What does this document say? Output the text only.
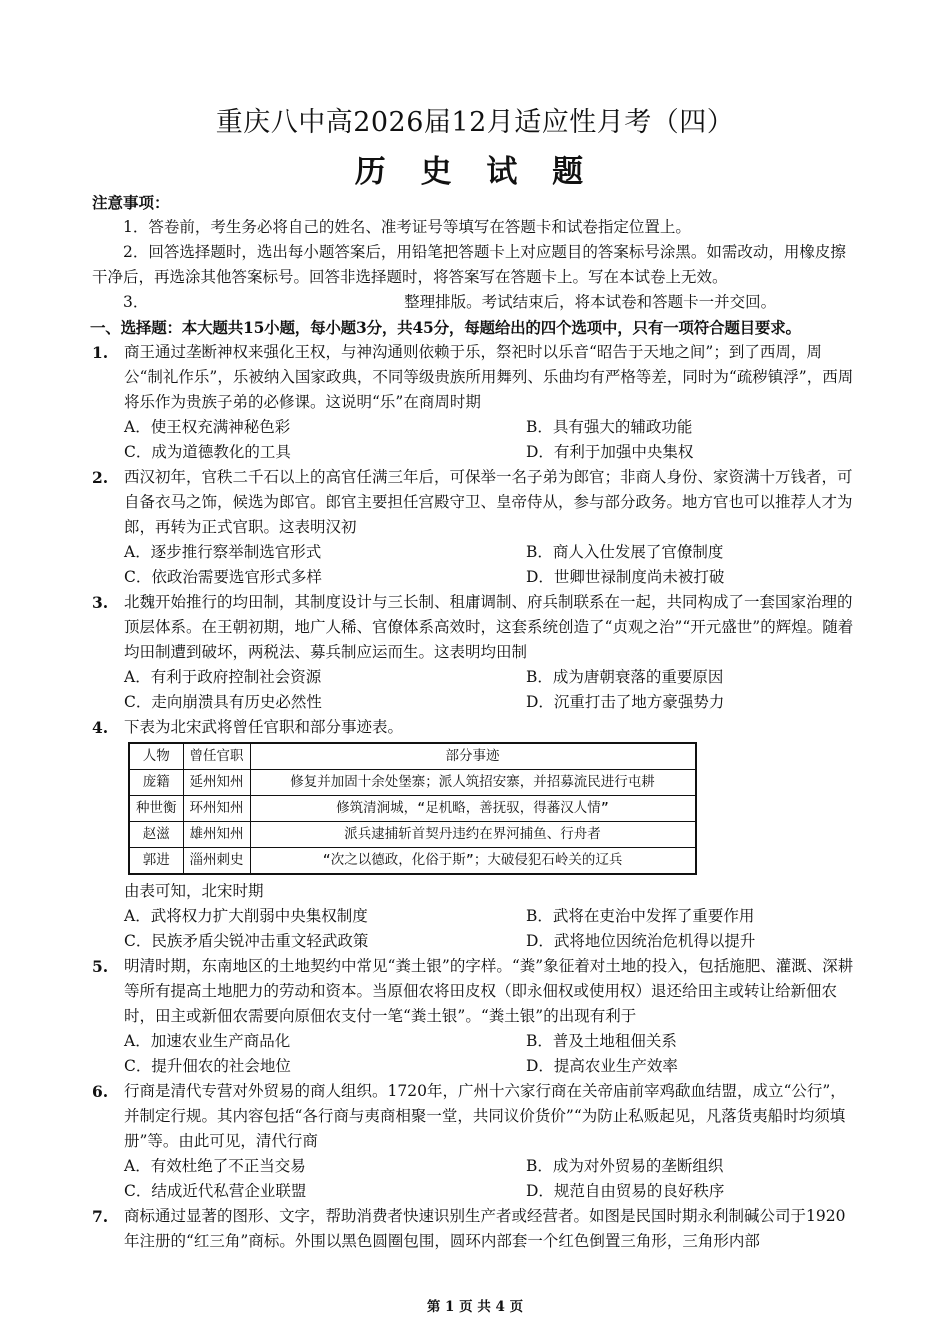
重庆八中高2026届12月适应性月考（四）
历 史 试 题

注意事项：

1．答卷前，考生务必将自己的姓名、准考证号等填写在答题卡和试卷指定位置上。

2．回答选择题时，选出每小题答案后，用铅笔把答题卡上对应题目的答案标号涂黑。如需改动，用橡皮擦干净后，再选涂其他答案标号。回答非选择题时，将答案写在答题卡上。写在本试卷上无效。

3．　　　　　　　　　　　　　　　　　整理排版。考试结束后，将本试卷和答题卡一并交回。

一、选择题：本大题共15小题，每小题3分，共45分，每题给出的四个选项中，只有一项符合题目要求。

1.	商王通过垄断神权来强化王权，与神沟通则依赖于乐，祭祀时以乐音“昭告于天地之间”；到了西周，周公“制礼作乐”，乐被纳入国家政典，不同等级贵族所用舞列、乐曲均有严格等差，同时为“疏秽镇浮”，西周将乐作为贵族子弟的必修课。这说明“乐”在商周时期
A．使王权充满神秘色彩	B．具有强大的辅政功能
C．成为道德教化的工具	D．有利于加强中央集权
2.	西汉初年，官秩二千石以上的高官任满三年后，可保举一名子弟为郎官；非商人身份、家资满十万钱者，可自备衣马之饰，候选为郎官。郎官主要担任宫殿守卫、皇帝侍从，参与部分政务。地方官也可以推荐人才为郎，再转为正式官职。这表明汉初
A．逐步推行察举制选官形式	B．商人入仕发展了官僚制度
C．依政治需要选官形式多样	D．世卿世禄制度尚未被打破
3.	北魏开始推行的均田制，其制度设计与三长制、租庸调制、府兵制联系在一起，共同构成了一套国家治理的顶层体系。在王朝初期，地广人稀、官僚体系高效时，这套系统创造了“贞观之治”“开元盛世”的辉煌。随着均田制遭到破坏，两税法、募兵制应运而生。这表明均田制
A．有利于政府控制社会资源	B．成为唐朝衰落的重要原因
C．走向崩溃具有历史必然性	D．沉重打击了地方豪强势力
4.	下表为北宋武将曾任官职和部分事迹表。
人物	曾任官职	部分事迹
庞籍	延州知州	修复并加固十余处堡寨；派人筑招安寨，并招募流民进行屯耕
种世衡	环州知州	修筑清涧城，“足机略，善抚驭，得蕃汉人情”
赵滋	雄州知州	派兵逮捕斩首契丹违约在界河捕鱼、行舟者
郭进	淄州刺史	“次之以德政，化俗于斯”；大破侵犯石岭关的辽兵

由表可知，北宋时期

A．武将权力扩大削弱中央集权制度	B．武将在吏治中发挥了重要作用
C．民族矛盾尖锐冲击重文轻武政策	D．武将地位因统治危机得以提升
5.	明清时期，东南地区的土地契约中常见“粪土银”的字样。“粪”象征着对土地的投入，包括施肥、灌溉、深耕等所有提高土地肥力的劳动和资本。当原佃农将田皮权（即永佃权或使用权）退还给田主或转让给新佃农时，田主或新佃农需要向原佃农支付一笔“粪土银”。“粪土银”的出现有利于
A．加速农业生产商品化	B．普及土地租佃关系
C．提升佃农的社会地位	D．提高农业生产效率
6.	行商是清代专营对外贸易的商人组织。1720年，广州十六家行商在关帝庙前宰鸡歃血结盟，成立“公行”，并制定行规。其内容包括“各行商与夷商相聚一堂，共同议价货价”“为防止私贩起见，凡落货夷船时均须填册”等。由此可见，清代行商
A．有效杜绝了不正当交易	B．成为对外贸易的垄断组织
C．结成近代私营企业联盟	D．规范自由贸易的良好秩序
7.	商标通过显著的图形、文字，帮助消费者快速识别生产者或经营者。如图是民国时期永利制碱公司于1920年注册的“红三角”商标。外围以黑色圆圈包围，圆环内部套一个红色倒置三角形，三角形内部
第 1 页 共 4 页
